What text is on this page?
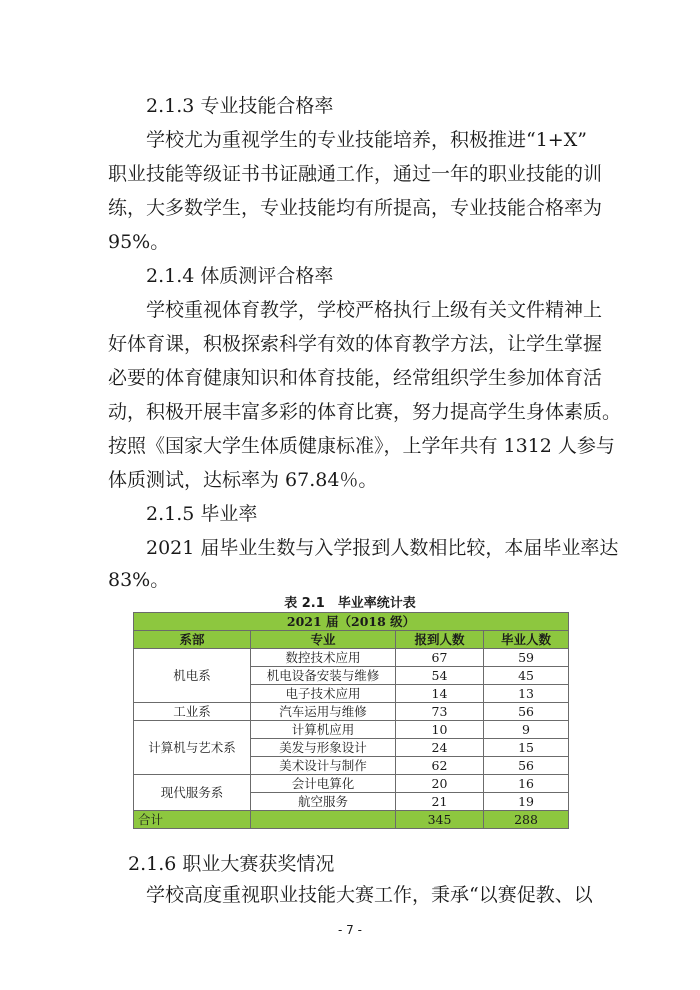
2.1.3 专业技能合格率
学校尤为重视学生的专业技能培养，积极推进“1+X”
职业技能等级证书书证融通工作，通过一年的职业技能的训
练，大多数学生，专业技能均有所提高，专业技能合格率为
95%。
2.1.4 体质测评合格率
学校重视体育教学，学校严格执行上级有关文件精神上
好体育课，积极探索科学有效的体育教学方法，让学生掌握
必要的体育健康知识和体育技能，经常组织学生参加体育活
动，积极开展丰富多彩的体育比赛，努力提高学生身体素质。
按照《国家大学生体质健康标准》，上学年共有 1312 人参与
体质测试，达标率为 67.84％。
2.1.5 毕业率
2021 届毕业生数与入学报到人数相比较，本届毕业率达
83%。
表 2.1　毕业率统计表
2021 届（2018 级）			
系部	专业	报到人数	毕业人数
机电系	数控技术应用	67	59
	机电设备安装与维修	54	45
	电子技术应用	14	13
工业系	汽车运用与维修	73	56
计算机与艺术系	计算机应用	10	9
	美发与形象设计	24	15
	美术设计与制作	62	56
现代服务系	会计电算化	20	16
	航空服务	21	19
合计		345	288
2.1.6 职业大赛获奖情况
学校高度重视职业技能大赛工作，秉承“以赛促教、以
- 7 -
